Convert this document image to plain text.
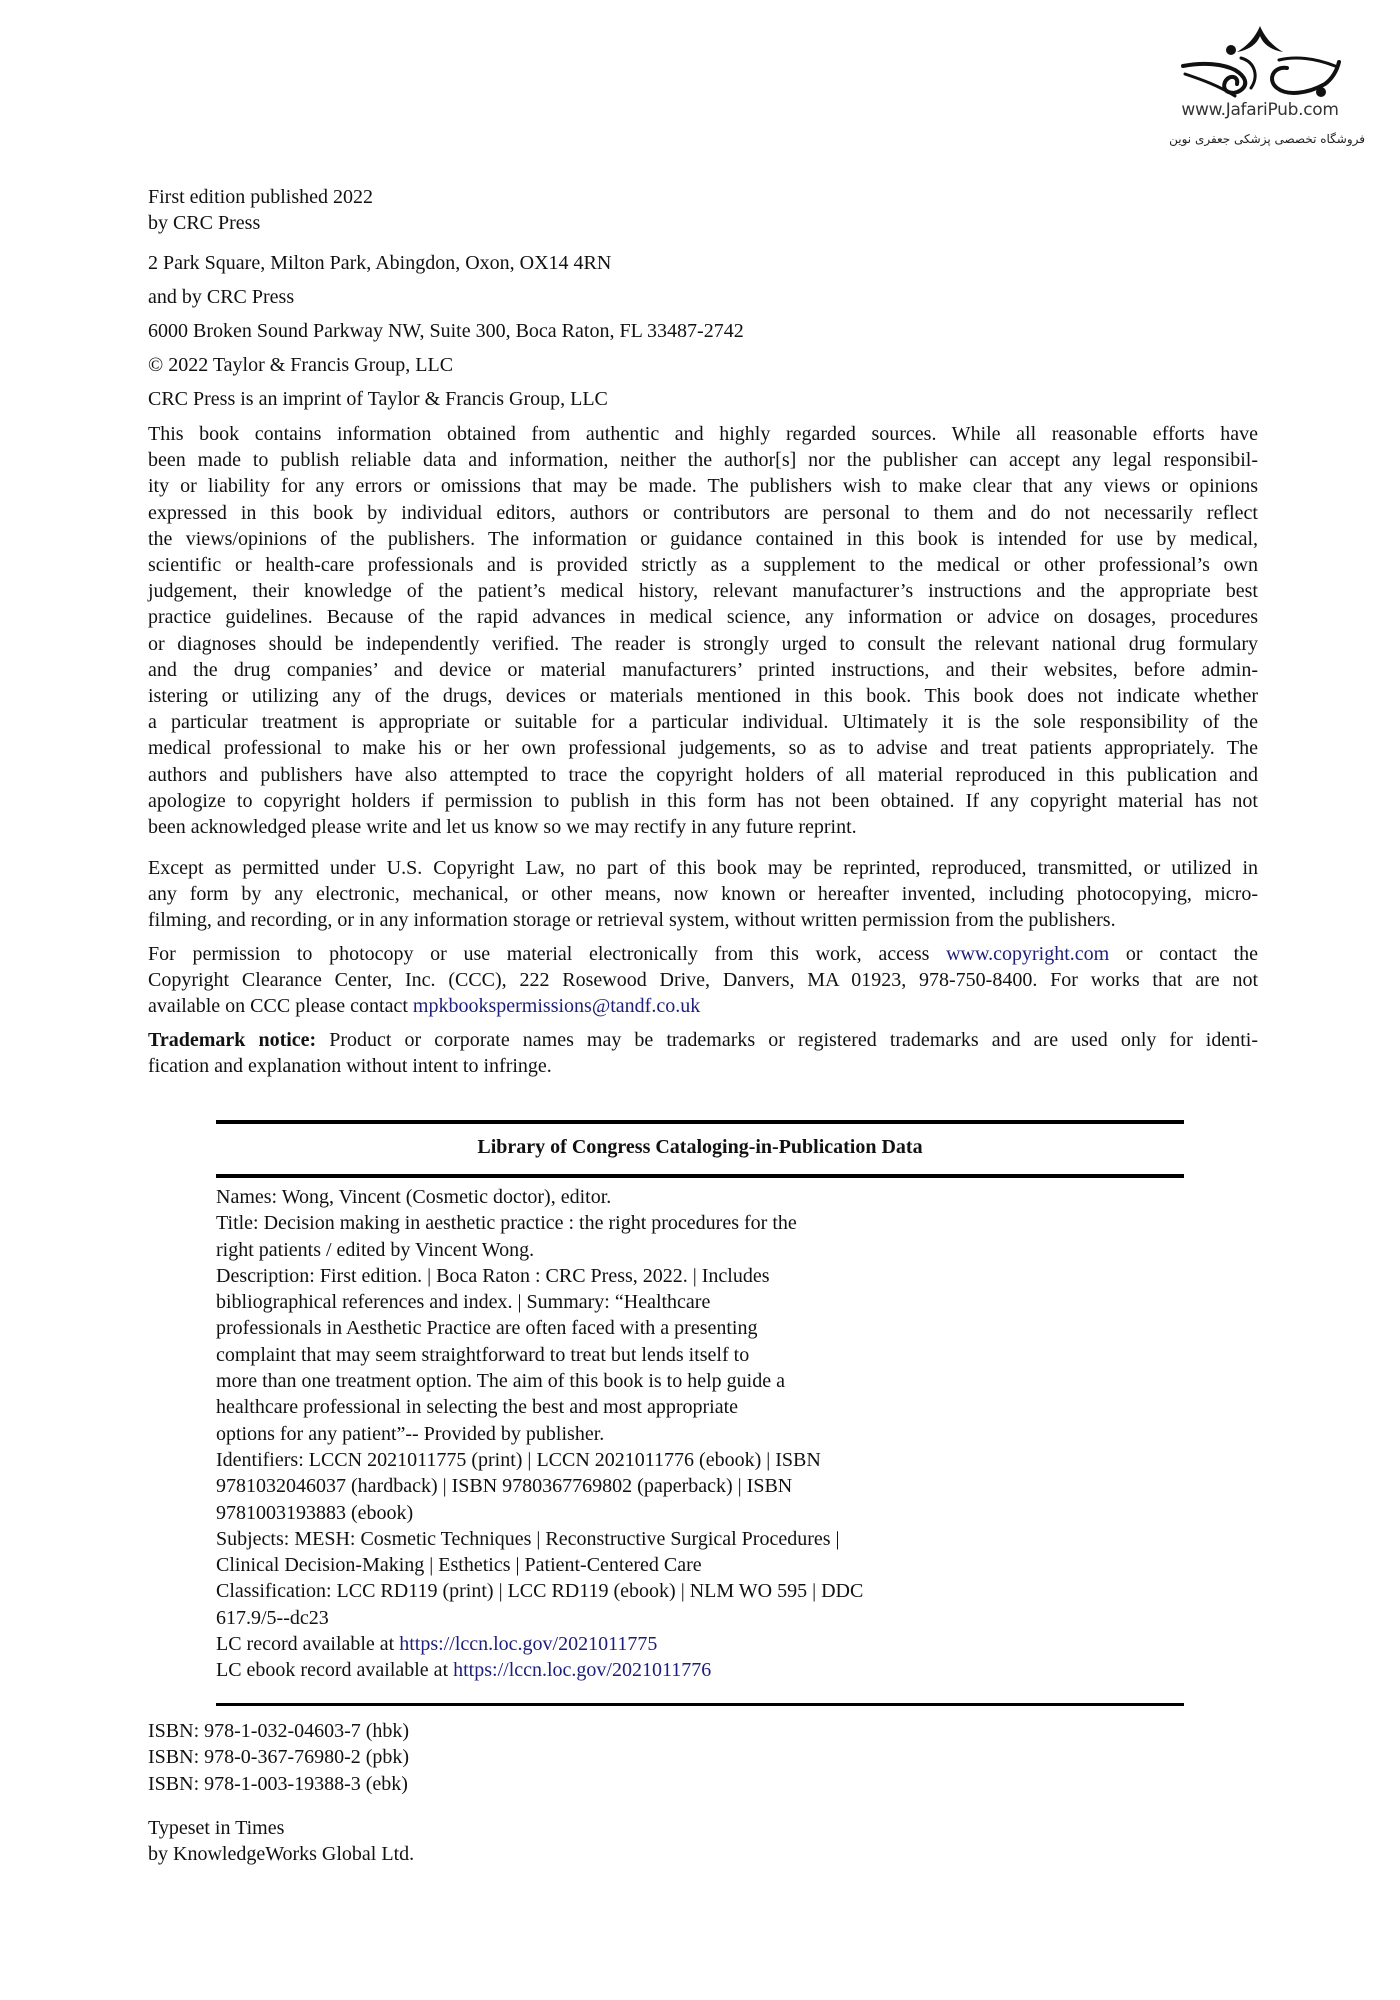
www.JafariPub.com
فروشگاه تخصصی پزشکی جعفری نوین
First edition published 2022
by CRC Press
2 Park Square, Milton Park, Abingdon, Oxon, OX14 4RN
and by CRC Press
6000 Broken Sound Parkway NW, Suite 300, Boca Raton, FL 33487-2742
© 2022 Taylor & Francis Group, LLC
CRC Press is an imprint of Taylor & Francis Group, LLC
This book contains information obtained from authentic and highly regarded sources. While all reasonable efforts have
been made to publish reliable data and information, neither the author[s] nor the publisher can accept any legal responsibil-
ity or liability for any errors or omissions that may be made. The publishers wish to make clear that any views or opinions
expressed in this book by individual editors, authors or contributors are personal to them and do not necessarily reflect
the views/opinions of the publishers. The information or guidance contained in this book is intended for use by medical,
scientific or health-care professionals and is provided strictly as a supplement to the medical or other professional’s own
judgement, their knowledge of the patient’s medical history, relevant manufacturer’s instructions and the appropriate best
practice guidelines. Because of the rapid advances in medical science, any information or advice on dosages, procedures
or diagnoses should be independently verified. The reader is strongly urged to consult the relevant national drug formulary
and the drug companies’ and device or material manufacturers’ printed instructions, and their websites, before admin-
istering or utilizing any of the drugs, devices or materials mentioned in this book. This book does not indicate whether
a particular treatment is appropriate or suitable for a particular individual. Ultimately it is the sole responsibility of the
medical professional to make his or her own professional judgements, so as to advise and treat patients appropriately. The
authors and publishers have also attempted to trace the copyright holders of all material reproduced in this publication and
apologize to copyright holders if permission to publish in this form has not been obtained. If any copyright material has not
been acknowledged please write and let us know so we may rectify in any future reprint.
Except as permitted under U.S. Copyright Law, no part of this book may be reprinted, reproduced, transmitted, or utilized in
any form by any electronic, mechanical, or other means, now known or hereafter invented, including photocopying, micro-
filming, and recording, or in any information storage or retrieval system, without written permission from the publishers.
For permission to photocopy or use material electronically from this work, access www.copyright.com or contact the
Copyright Clearance Center, Inc. (CCC), 222 Rosewood Drive, Danvers, MA 01923, 978-750-8400. For works that are not
available on CCC please contact mpkbookspermissions@tandf.co.uk
Trademark notice: Product or corporate names may be trademarks or registered trademarks and are used only for identi-
fication and explanation without intent to infringe.
Library of Congress Cataloging-in-Publication Data
Names: Wong, Vincent (Cosmetic doctor), editor.
Title: Decision making in aesthetic practice : the right procedures for the
right patients / edited by Vincent Wong.
Description: First edition. | Boca Raton : CRC Press, 2022. | Includes
bibliographical references and index. | Summary: “Healthcare
professionals in Aesthetic Practice are often faced with a presenting
complaint that may seem straightforward to treat but lends itself to
more than one treatment option. The aim of this book is to help guide a
healthcare professional in selecting the best and most appropriate
options for any patient”-- Provided by publisher.
Identifiers: LCCN 2021011775 (print) | LCCN 2021011776 (ebook) | ISBN
9781032046037 (hardback) | ISBN 9780367769802 (paperback) | ISBN
9781003193883 (ebook)
Subjects: MESH: Cosmetic Techniques | Reconstructive Surgical Procedures |
Clinical Decision-Making | Esthetics | Patient-Centered Care
Classification: LCC RD119 (print) | LCC RD119 (ebook) | NLM WO 595 | DDC
617.9/5--dc23
LC record available at https://lccn.loc.gov/2021011775
LC ebook record available at https://lccn.loc.gov/2021011776
ISBN: 978-1-032-04603-7 (hbk)
ISBN: 978-0-367-76980-2 (pbk)
ISBN: 978-1-003-19388-3 (ebk)
Typeset in Times
by KnowledgeWorks Global Ltd.
